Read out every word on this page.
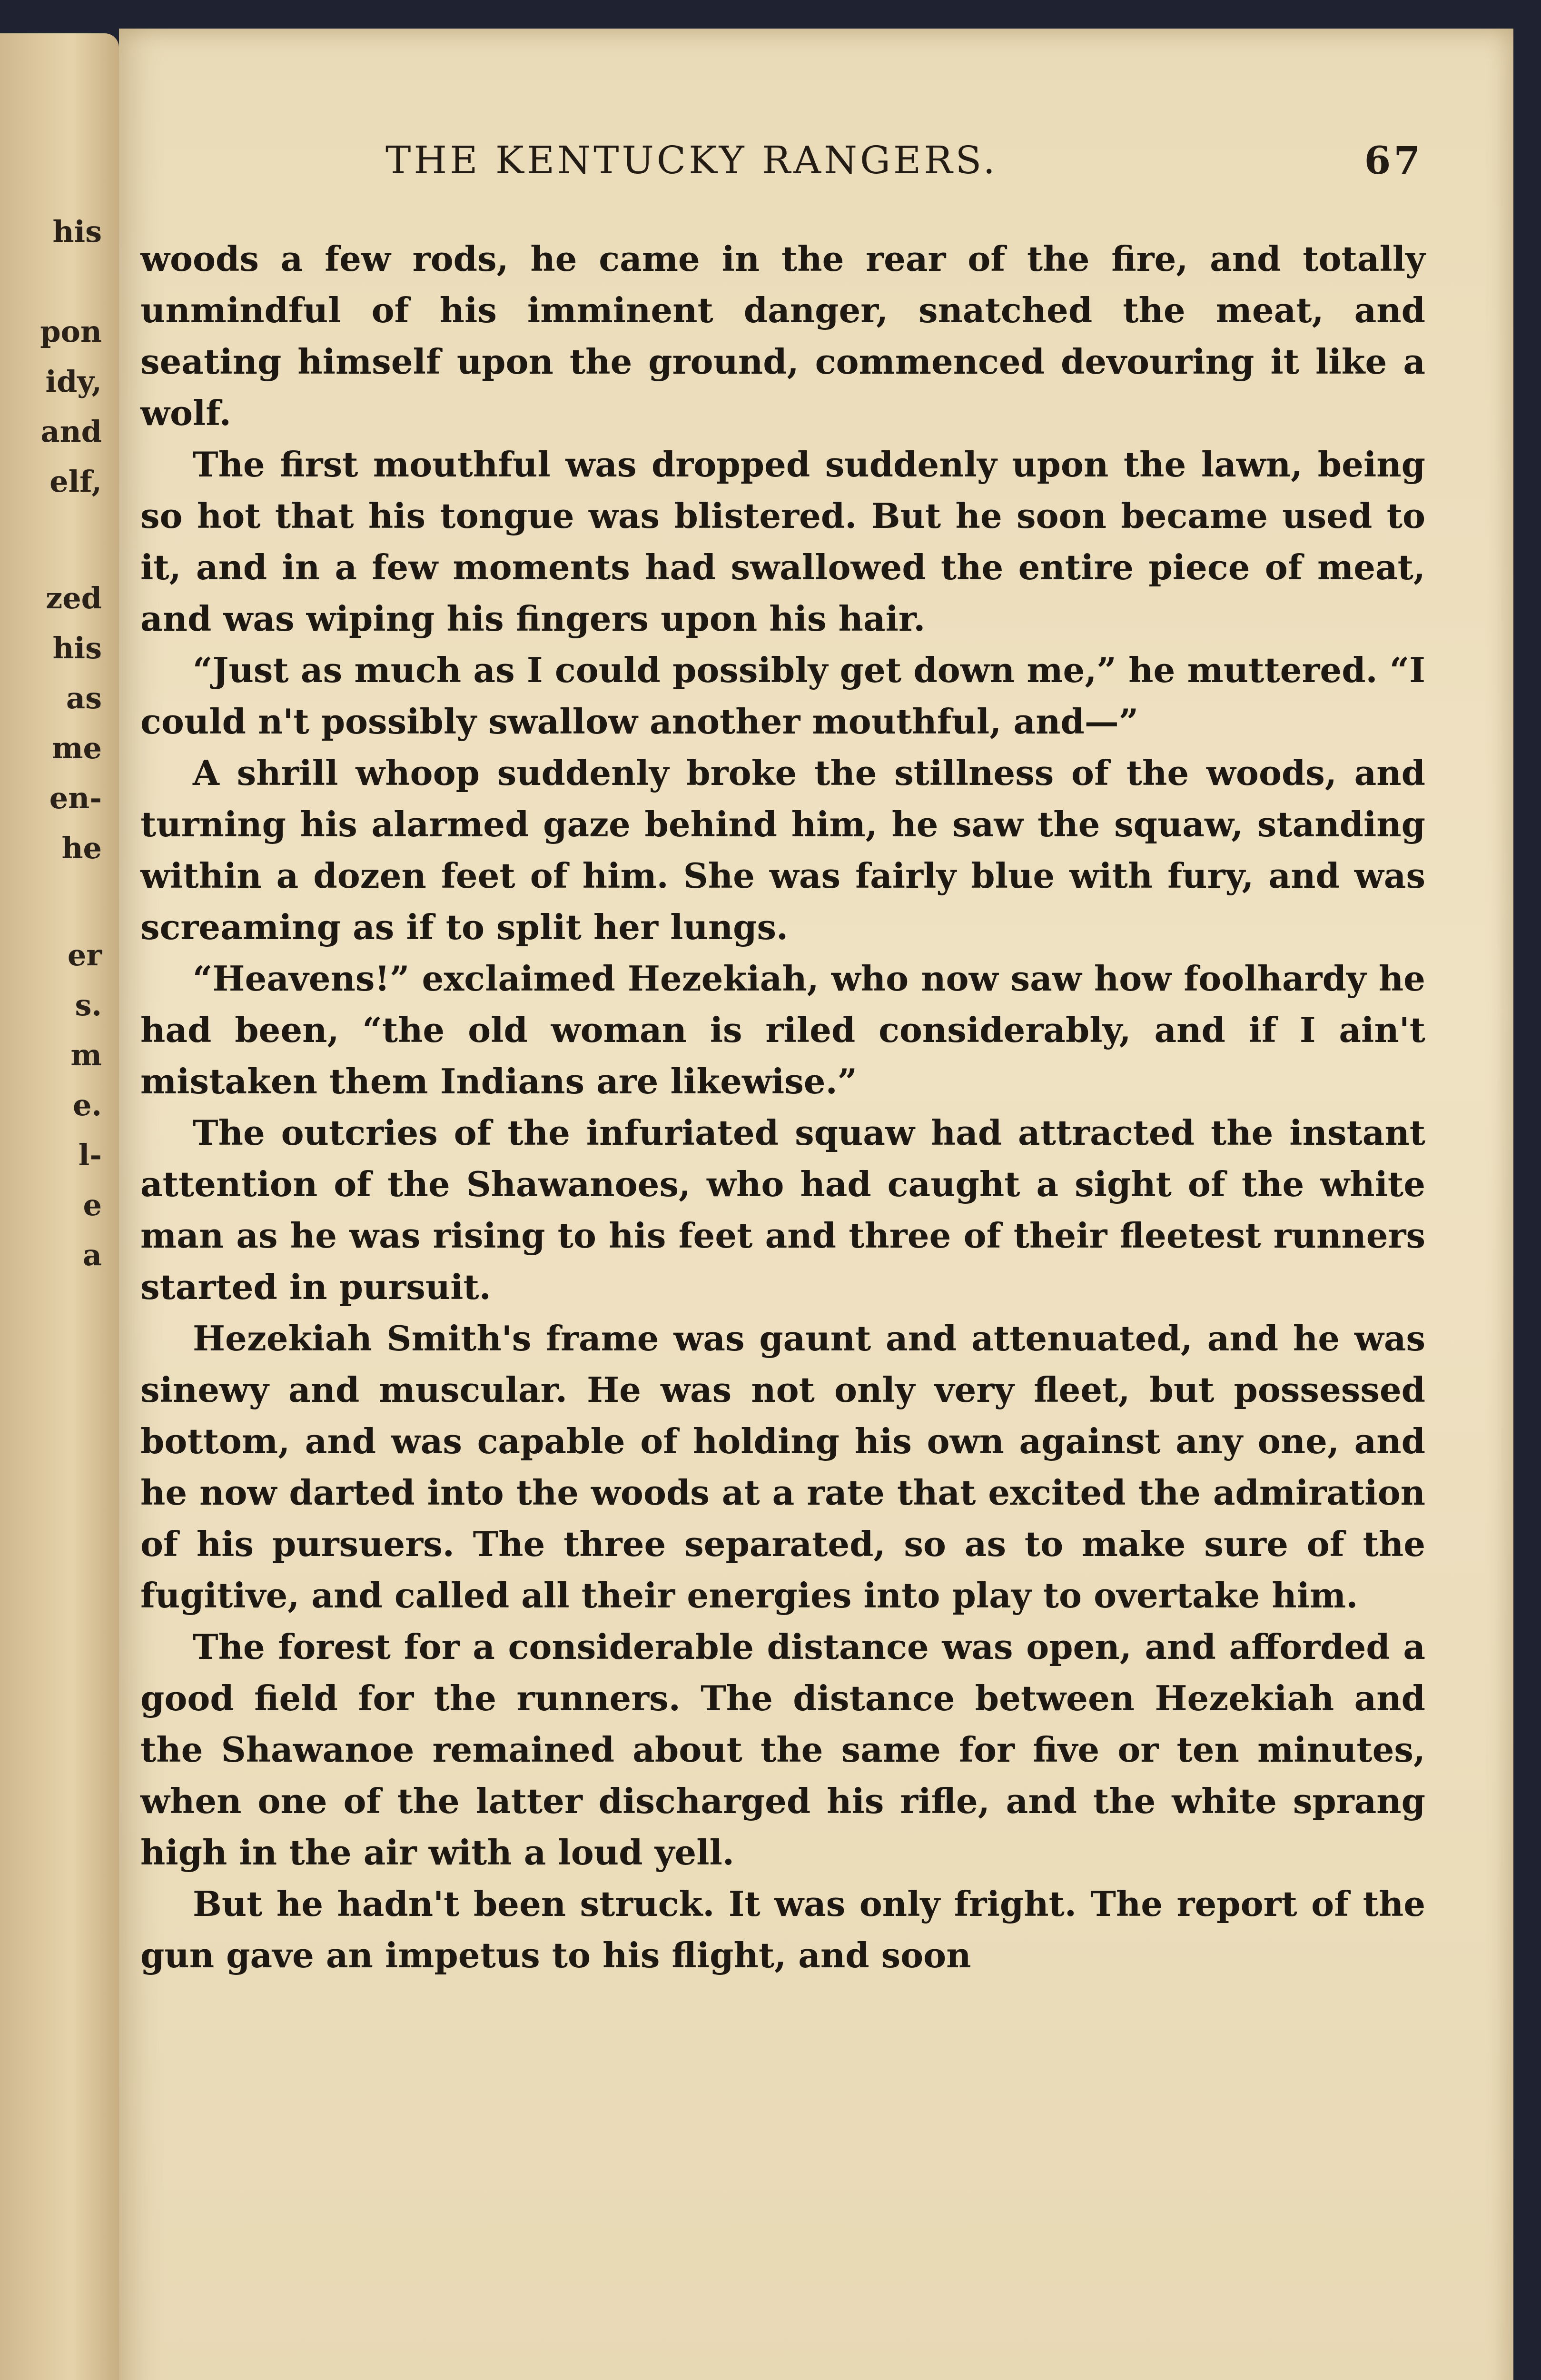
his
pon
idy,
and
elf,
zed
his
as
me
en-
he
er
s.
m
e.
l-
e
a
THE KENTUCKY RANGERS.	67

woods a few rods, he came in the rear of the fire, and totally unmindful of his imminent danger, snatched the meat, and seating himself upon the ground, commenced devouring it like a wolf.

The first mouthful was dropped suddenly upon the lawn, being so hot that his tongue was blistered. But he soon became used to it, and in a few moments had swallowed the entire piece of meat, and was wiping his fingers upon his hair.

“Just as much as I could possibly get down me,” he muttered. “I could n't possibly swallow another mouthful, and—”

A shrill whoop suddenly broke the stillness of the woods, and turning his alarmed gaze behind him, he saw the squaw, standing within a dozen feet of him. She was fairly blue with fury, and was screaming as if to split her lungs.

“Heavens!” exclaimed Hezekiah, who now saw how foolhardy he had been, “the old woman is riled considerably, and if I ain't mistaken them Indians are likewise.”

The outcries of the infuriated squaw had attracted the instant attention of the Shawanoes, who had caught a sight of the white man as he was rising to his feet and three of their fleetest runners started in pursuit.

Hezekiah Smith's frame was gaunt and attenuated, and he was sinewy and muscular. He was not only very fleet, but possessed bottom, and was capable of holding his own against any one, and he now darted into the woods at a rate that excited the admiration of his pursuers. The three separated, so as to make sure of the fugitive, and called all their energies into play to overtake him.

The forest for a considerable distance was open, and afforded a good field for the runners. The distance between Hezekiah and the Shawanoe remained about the same for five or ten minutes, when one of the latter discharged his rifle, and the white sprang high in the air with a loud yell.

But he hadn't been struck. It was only fright. The report of the gun gave an impetus to his flight, and soon
